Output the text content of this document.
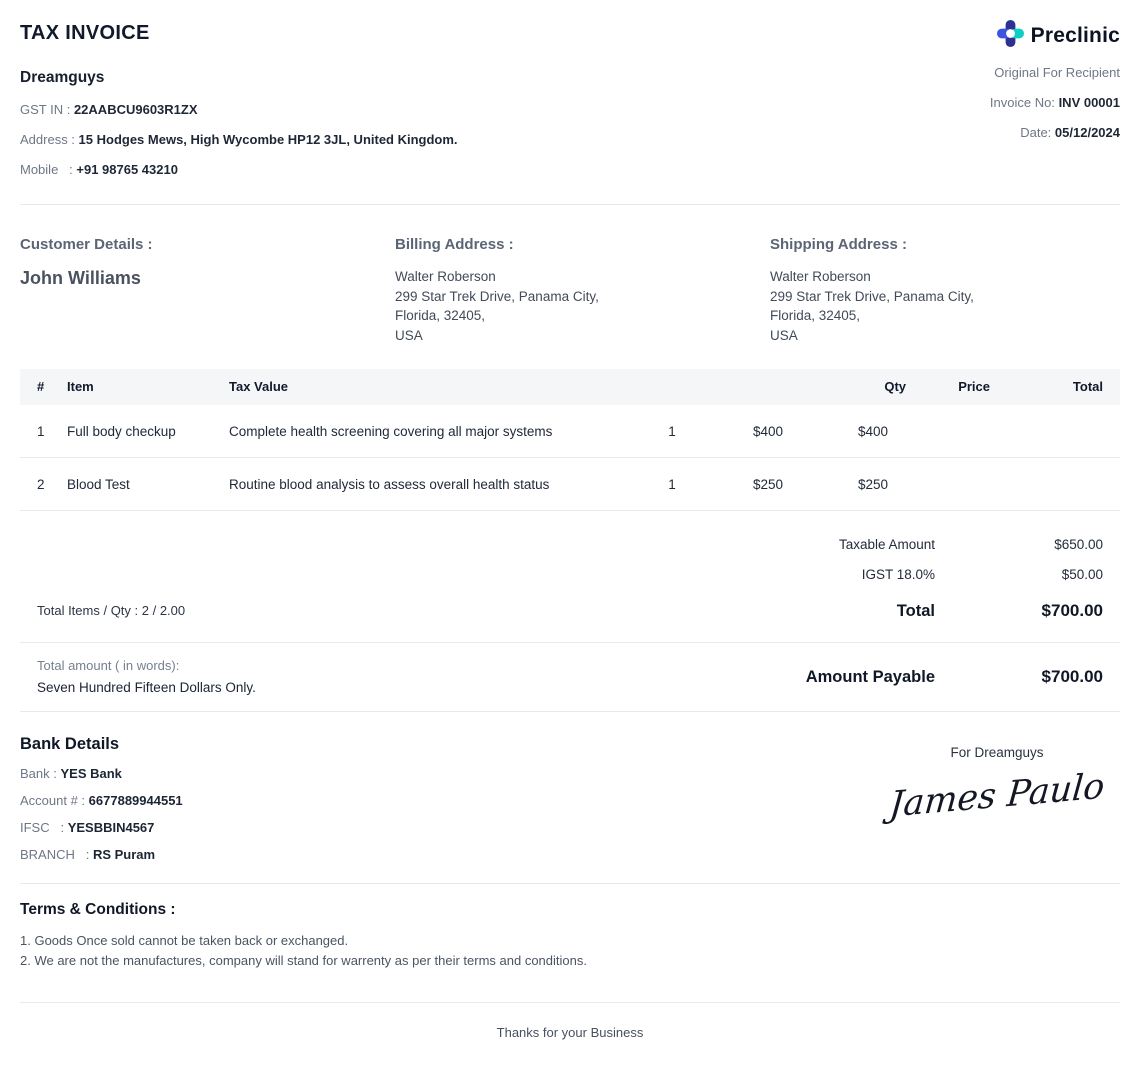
TAX INVOICE
Dreamguys
GST IN : 22AABCU9603R1ZX
Address : 15 Hodges Mews, High Wycombe HP12 3JL, United Kingdom.
Mobile   : +91 98765 43210
Preclinic
Original For Recipient
Invoice No: INV 00001
Date: 05/12/2024
Customer Details :
John Williams
Billing Address :
Walter Roberson
299 Star Trek Drive, Panama City,
Florida, 32405,
USA
Shipping Address :
Walter Roberson
299 Star Trek Drive, Panama City,
Florida, 32405,
USA
#	Item	Tax Value			Qty	Price	Total
1	Full body checkup	Complete health screening covering all major systems	1	$400	$400		
2	Blood Test	Routine blood analysis to assess overall health status	1	$250	$250		
Total Items / Qty : 2 / 2.00
Taxable Amount	$650.00
IGST 18.0%	$50.00
Total	$700.00
Total amount ( in words):
Seven Hundred Fifteen Dollars Only.
Amount Payable	$700.00
Bank Details
Bank : YES Bank
Account # : 6677889944551
IFSC   : YESBBIN4567
BRANCH   : RS Puram
For Dreamguys
James Paulo
Terms & Conditions :
1. Goods Once sold cannot be taken back or exchanged.
2. We are not the manufactures, company will stand for warrenty as per their terms and conditions.
Thanks for your Business
